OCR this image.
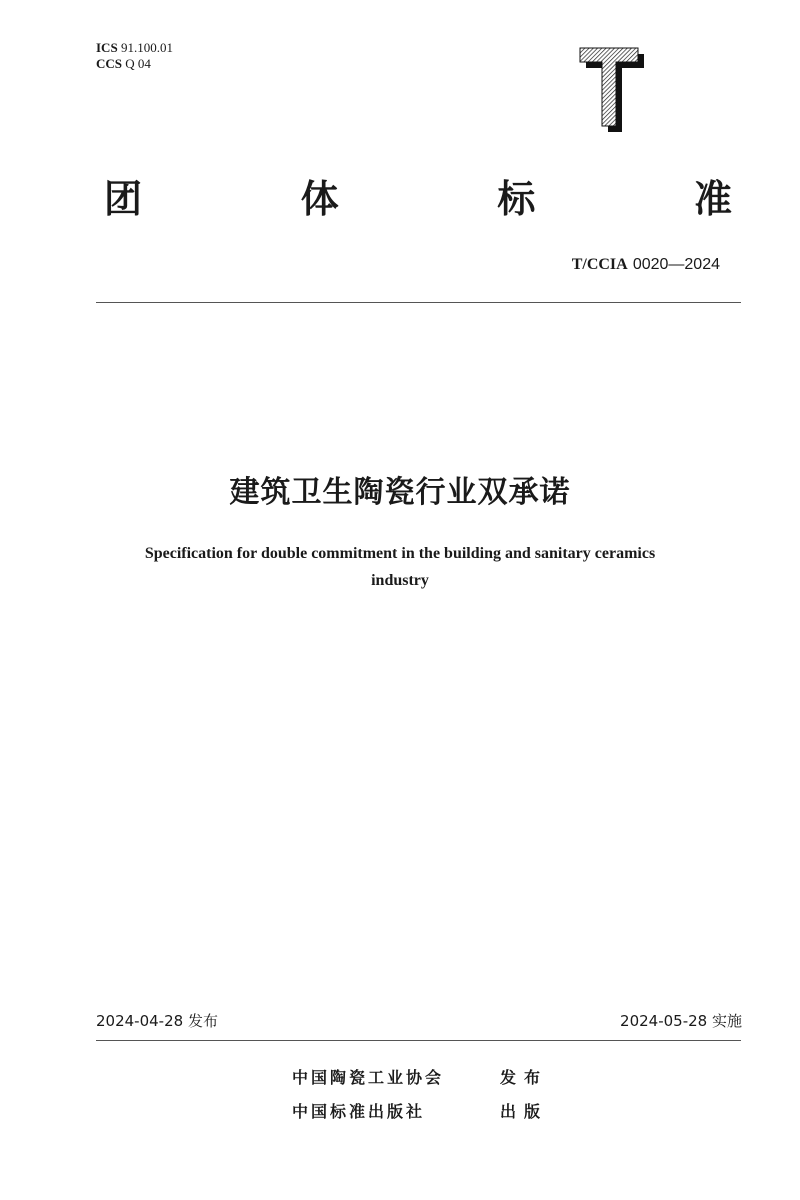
ICS 91.100.01
CCS Q 04
T
团	体	标	准
T/CCIA 0020—2024
建筑卫生陶瓷行业双承诺
Specification for double commitment in the building and sanitary ceramics
industry
2024-04-28 发布	2024-05-28 实施
中国陶瓷工业协会	发布
中国标准出版社	出版
